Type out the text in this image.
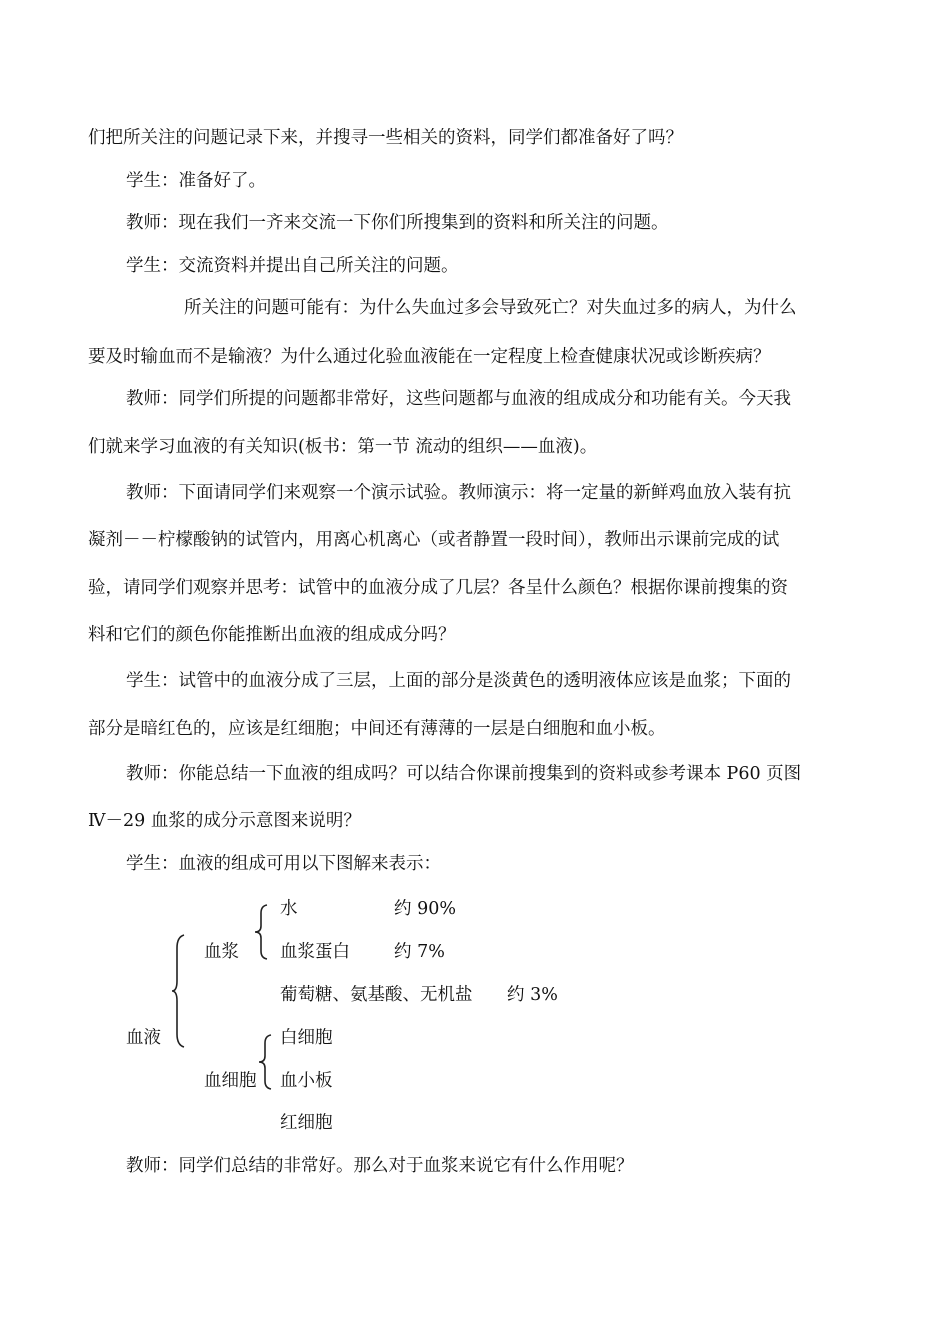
们把所关注的问题记录下来，并搜寻一些相关的资料，同学们都准备好了吗？
学生：准备好了。
教师：现在我们一齐来交流一下你们所搜集到的资料和所关注的问题。
学生：交流资料并提出自己所关注的问题。
所关注的问题可能有：为什么失血过多会导致死亡？对失血过多的病人，为什么
要及时输血而不是输液？为什么通过化验血液能在一定程度上检查健康状况或诊断疾病？
教师：同学们所提的问题都非常好，这些问题都与血液的组成成分和功能有关。今天我
们就来学习血液的有关知识(板书：第一节 流动的组织——血液)。
教师：下面请同学们来观察一个演示试验。教师演示：将一定量的新鲜鸡血放入装有抗
凝剂－－柠檬酸钠的试管内，用离心机离心（或者静置一段时间），教师出示课前完成的试
验，请同学们观察并思考：试管中的血液分成了几层？各呈什么颜色？根据你课前搜集的资
料和它们的颜色你能推断出血液的组成成分吗？
学生：试管中的血液分成了三层，上面的部分是淡黄色的透明液体应该是血浆；下面的
部分是暗红色的，应该是红细胞；中间还有薄薄的一层是白细胞和血小板。
教师：你能总结一下血液的组成吗？可以结合你课前搜集到的资料或参考课本 P60 页图
Ⅳ－29 血浆的成分示意图来说明？
学生：血液的组成可用以下图解来表示：
血液
血浆
水	约 90%
血浆蛋白	约 7%
葡萄糖、氨基酸、无机盐 约 3%
血细胞
白细胞
血小板
红细胞
教师：同学们总结的非常好。那么对于血浆来说它有什么作用呢？
